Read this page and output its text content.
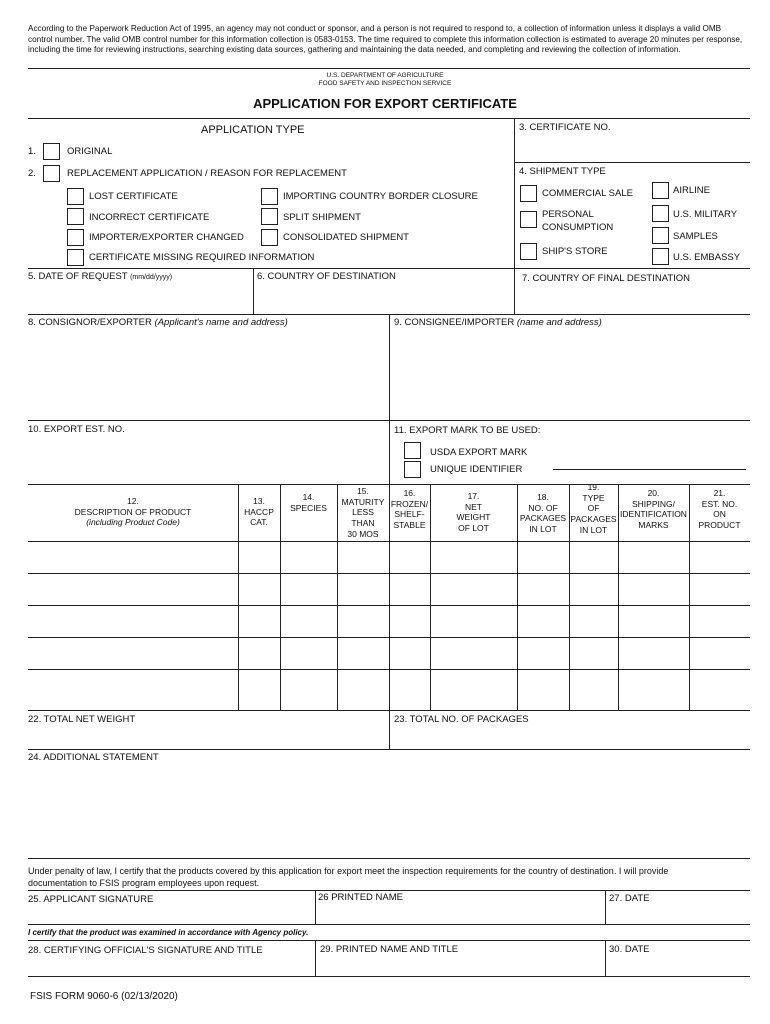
According to the Paperwork Reduction Act of 1995, an agency may not conduct or sponsor, and a person is not required to respond to, a collection of information unless it displays a valid OMB control number. The valid OMB control number for this information collection is 0583-0153. The time required to complete this information collection is estimated to average 20 minutes per response, including the time for reviewing instructions, searching existing data sources, gathering and maintaining the data needed, and completing and reviewing the collection of information.
U.S. DEPARTMENT OF AGRICULTURE
FOOD SAFETY AND INSPECTION SERVICE
APPLICATION FOR EXPORT CERTIFICATE
APPLICATION TYPE
1.	ORIGINAL
2.	REPLACEMENT APPLICATION / REASON FOR REPLACEMENT
LOST CERTIFICATE
INCORRECT CERTIFICATE
IMPORTER/EXPORTER CHANGED
CERTIFICATE MISSING REQUIRED INFORMATION
IMPORTING COUNTRY BORDER CLOSURE
SPLIT SHIPMENT
CONSOLIDATED SHIPMENT
3. CERTIFICATE NO.
4. SHIPMENT TYPE
COMMERCIAL SALE
PERSONAL
CONSUMPTION
SHIP'S STORE
AIRLINE
U.S. MILITARY
SAMPLES
U.S. EMBASSY
5. DATE OF REQUEST (mm/dd/yyyy)	6. COUNTRY OF DESTINATION	7. COUNTRY OF FINAL DESTINATION
8. CONSIGNOR/EXPORTER (Applicant's name and address)	9. CONSIGNEE/IMPORTER (name and address)
10. EXPORT EST. NO.	11. EXPORT MARK TO BE USED:
USDA EXPORT MARK
UNIQUE IDENTIFIER
12.
DESCRIPTION OF PRODUCT
(including Product Code)
13.
HACCP
CAT.
14.
SPECIES
15.
MATURITY
LESS
THAN
30 MOS
16.
FROZEN/
SHELF-
STABLE
17.
NET
WEIGHT
OF LOT
18.
NO. OF
PACKAGES
IN LOT
19.
TYPE
OF
PACKAGES
IN LOT
20.
SHIPPING/
IDENTIFICATION
MARKS
21.
EST. NO.
ON
PRODUCT
22. TOTAL NET WEIGHT	23. TOTAL NO. OF PACKAGES
24. ADDITIONAL STATEMENT
Under penalty of law, I certify that the products covered by this application for export meet the inspection requirements for the country of destination. I will provide
documentation to FSIS program employees upon request.
25. APPLICANT SIGNATURE	26 PRINTED NAME	27. DATE
I certify that the product was examined in accordance with Agency policy.
28. CERTIFYING OFFICIAL'S SIGNATURE AND TITLE	29. PRINTED NAME AND TITLE	30. DATE
FSIS FORM 9060-6 (02/13/2020)
